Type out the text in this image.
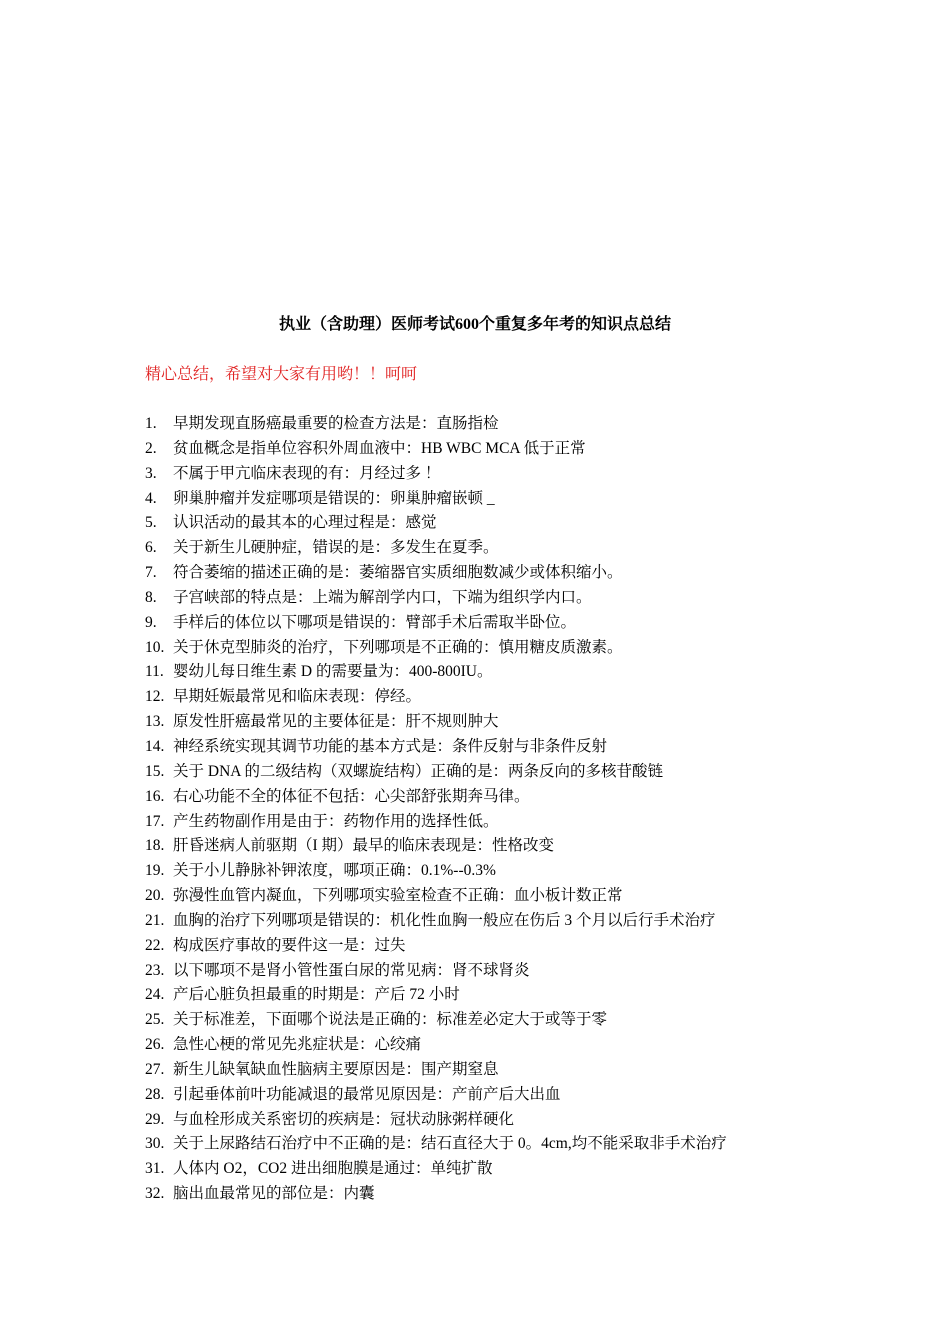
执业（含助理）医师考试600个重复多年考的知识点总结
精心总结，希望对大家有用哟！！呵呵
1.	早期发现直肠癌最重要的检查方法是：直肠指检
2.	贫血概念是指单位容积外周血液中：HB WBC MCA 低于正常
3.	不属于甲亢临床表现的有：月经过多 ！
4.	卵巢肿瘤并发症哪项是错误的：卵巢肿瘤嵌顿 _
5.	认识活动的最其本的心理过程是：感觉
6.	关于新生儿硬肿症，错误的是：多发生在夏季。
7.	符合萎缩的描述正确的是：萎缩器官实质细胞数减少或体积缩小。
8.	子宫峡部的特点是：上端为解剖学内口，下端为组织学内口。
9.	手样后的体位以下哪项是错误的：臂部手术后需取半卧位。
10. 关于休克型肺炎的治疗，下列哪项是不正确的：慎用糖皮质激素。
11. 婴幼儿每日维生素 D 的需要量为：400-800IU。
12. 早期妊娠最常见和临床表现：停经。
13. 原发性肝癌最常见的主要体征是：肝不规则肿大
14. 神经系统实现其调节功能的基本方式是：条件反射与非条件反射
15. 关于 DNA 的二级结构（双螺旋结构）正确的是：两条反向的多核苷酸链
16. 右心功能不全的体征不包括：心尖部舒张期奔马律。
17. 产生药物副作用是由于：药物作用的选择性低。
18. 肝昏迷病人前驱期（I 期）最早的临床表现是：性格改变
19. 关于小儿静脉补钾浓度，哪项正确：0.1%--0.3%
20. 弥漫性血管内凝血，下列哪项实验室检查不正确：血小板计数正常
21. 血胸的治疗下列哪项是错误的：机化性血胸一般应在伤后 3 个月以后行手术治疗
22. 构成医疗事故的要件这一是：过失
23. 以下哪项不是肾小管性蛋白尿的常见病：肾不球肾炎
24. 产后心脏负担最重的时期是：产后 72 小时
25. 关于标准差，下面哪个说法是正确的：标准差必定大于或等于零
26. 急性心梗的常见先兆症状是：心绞痛
27. 新生儿缺氧缺血性脑病主要原因是：围产期窒息
28. 引起垂体前叶功能减退的最常见原因是：产前产后大出血
29. 与血栓形成关系密切的疾病是：冠状动脉粥样硬化
30. 关于上尿路结石治疗中不正确的是：结石直径大于 0。4cm,均不能采取非手术治疗
31. 人体内 O2，CO2 进出细胞膜是通过：单纯扩散
32. 脑出血最常见的部位是：内囊
